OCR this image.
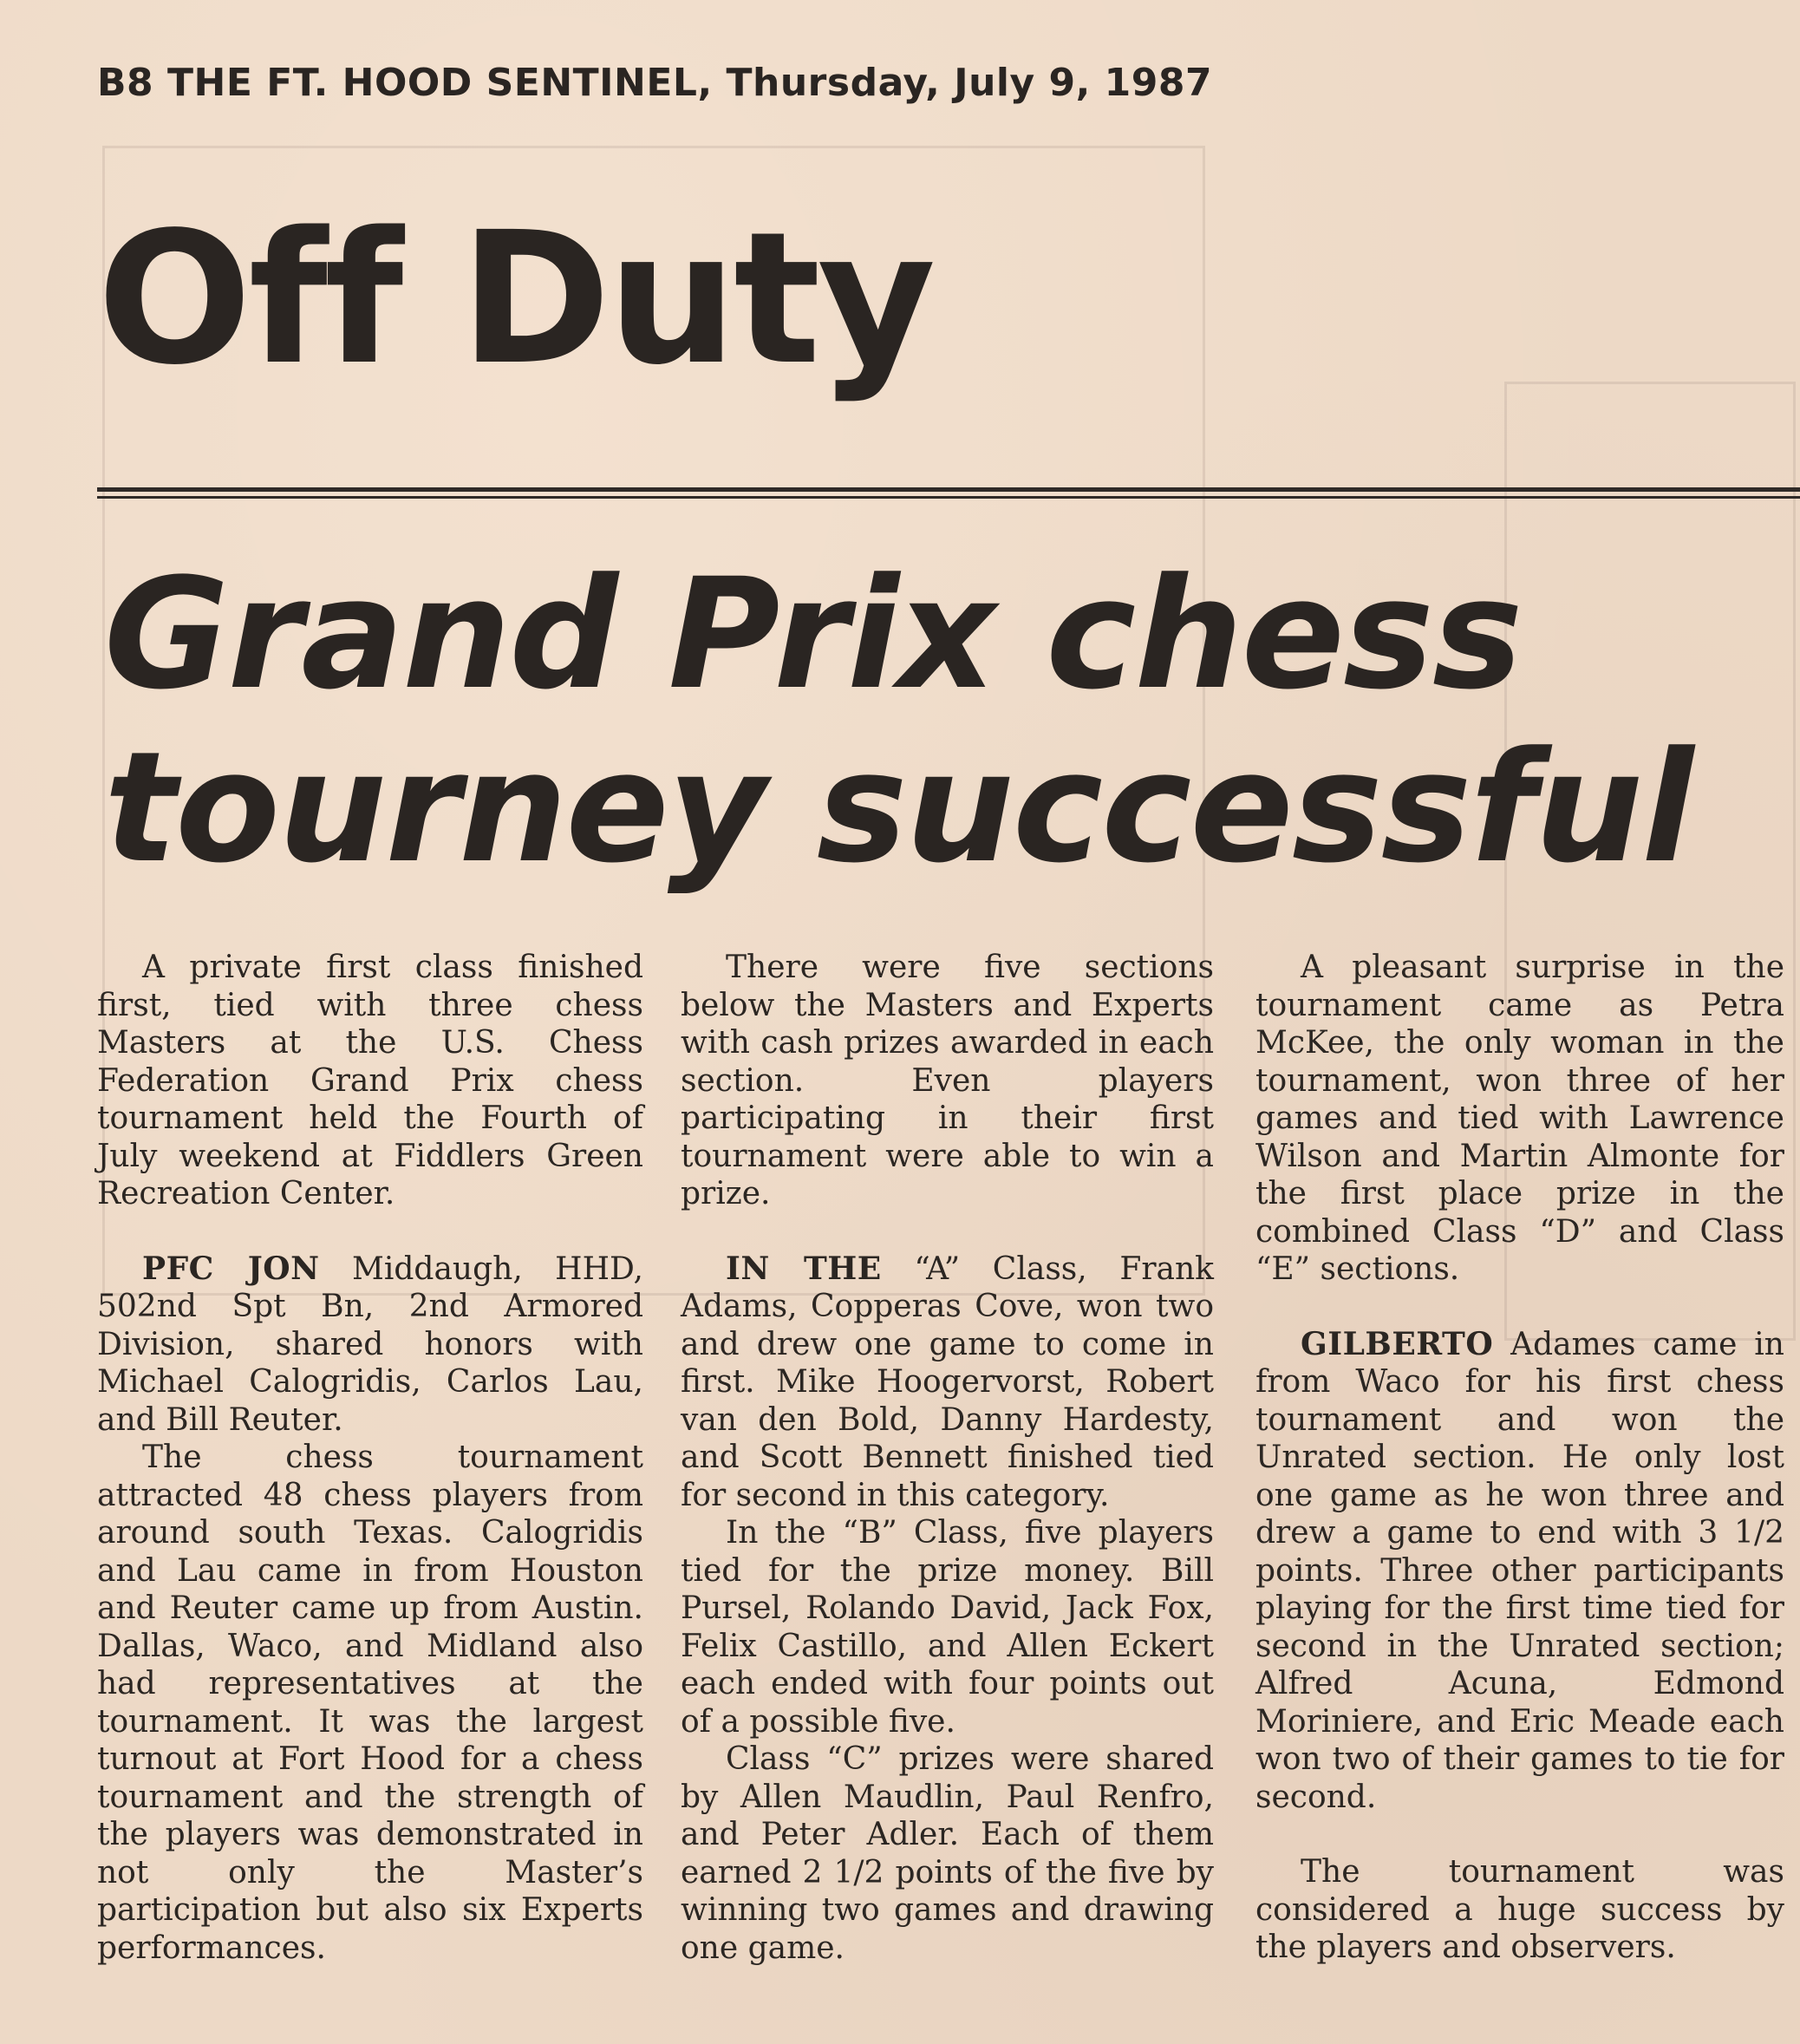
B8 THE FT. HOOD SENTINEL, Thursday, July 9, 1987
Off Duty
Grand Prix chess
tourney successful

A private first class finished first, tied with three chess Masters at the U.S. Chess Federation Grand Prix chess tournament held the Fourth of July weekend at Fiddlers Green Recreation Center.

PFC JON Middaugh, HHD, 502nd Spt Bn, 2nd Armored Division, shared honors with Michael Calogridis, Carlos Lau, and Bill Reuter.

The chess tournament attracted 48 chess players from around south Texas. Calogridis and Lau came in from Houston and Reuter came up from Austin. Dallas, Waco, and Midland also had representatives at the tournament. It was the largest turnout at Fort Hood for a chess tournament and the strength of the players was demonstrated in not only the Master’s participation but also six Experts performances.

There were five sections below the Masters and Experts with cash prizes awarded in each section. Even players participating in their first tournament were able to win a prize.

IN THE “A” Class, Frank Adams, Copperas Cove, won two and drew one game to come in first. Mike Hoogervorst, Robert van den Bold, Danny Hardesty, and Scott Bennett finished tied for second in this category.

In the “B” Class, five players tied for the prize money. Bill Pursel, Rolando David, Jack Fox, Felix Castillo, and Allen Eckert each ended with four points out of a possible five.

Class “C” prizes were shared by Allen Maudlin, Paul Renfro, and Peter Adler. Each of them earned 2 1/2 points of the five by winning two games and drawing one game.

A pleasant surprise in the tournament came as Petra McKee, the only woman in the tournament, won three of her games and tied with Lawrence Wilson and Martin Almonte for the first place prize in the combined Class “D” and Class “E” sections.

GILBERTO Adames came in from Waco for his first chess tournament and won the Unrated section. He only lost one game as he won three and drew a game to end with 3 1/2 points. Three other participants playing for the first time tied for second in the Unrated section; Alfred Acuna, Edmond Moriniere, and Eric Meade each won two of their games to tie for second.

The tournament was considered a huge success by the players and observers.
